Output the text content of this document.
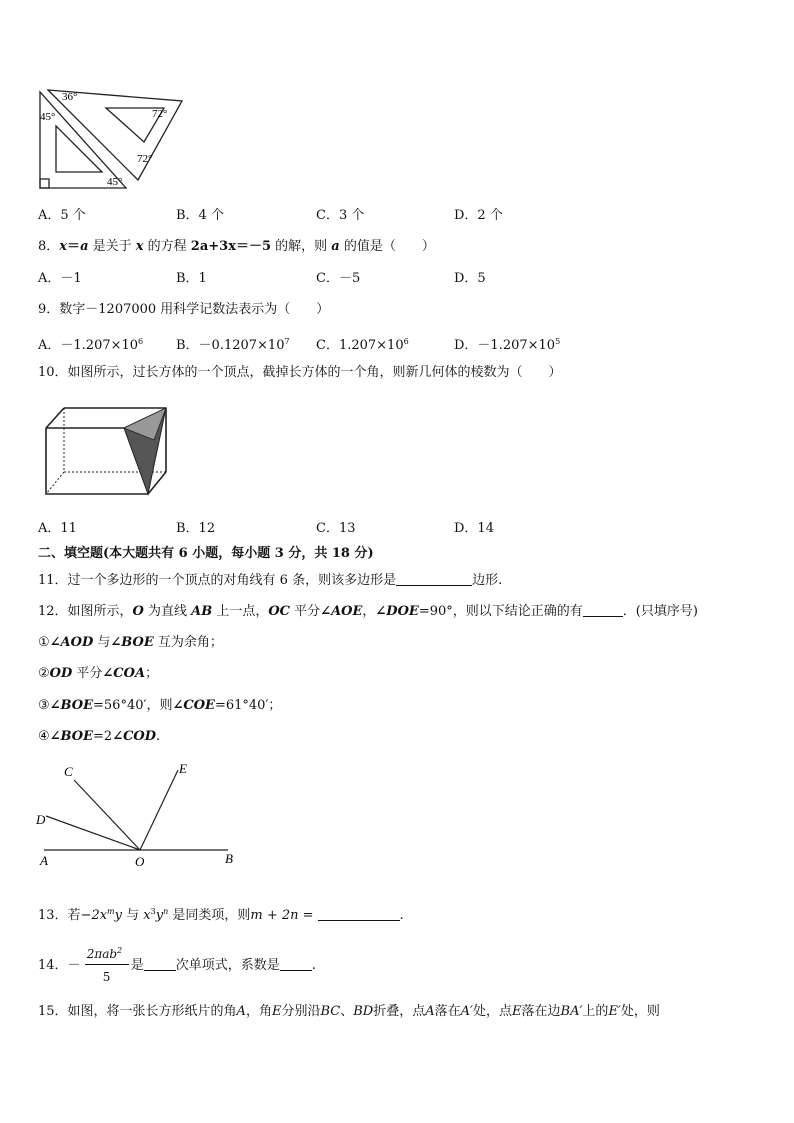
36°
72°
45°
72°
45°
A．5 个	B．4 个	C．3 个	D．2 个
8．x＝a 是关于 x 的方程 2a+3x＝－5 的解，则 a 的值是（　　）
A．－1	B．1	C．－5	D．5
9．数字－1207000 用科学记数法表示为（　　）
A．$-1.207\times 10^6$	B．$-0.1207\times 10^7$ C．$1.207\times 10^6$	D．$-1.207\times 10^5$
10．如图所示，过长方体的一个顶点，截掉长方体的一个角，则新几何体的棱数为（　　）
A．11	B．12	C．13	D．14
二、填空题(本大题共有 6 小题，每小题 3 分，共 18 分)
11．过一个多边形的一个顶点的对角线有 6 条，则该多边形是	边形.
12．如图所示，O 为直线 AB 上一点，OC 平分∠AOE，∠DOE=90°，则以下结论正确的有	．(只填序号)
①∠AOD 与∠BOE 互为余角；
②OD 平分∠COA；
③∠BOE=56°40′，则∠COE=61°40′；
④∠BOE=2∠COD.
C	E
D
A	O	B
13．若$-2x^my$ 与 $x^3y^n$ 是同类项，则m + 2n =	.
14．－
2πab$^2$
5
是 次单项式，系数是 .
15．如图，将一张长方形纸片的角A，角E分别沿BC、BD折叠，点A落在A′处，点E落在边BA′上的E′处，则
